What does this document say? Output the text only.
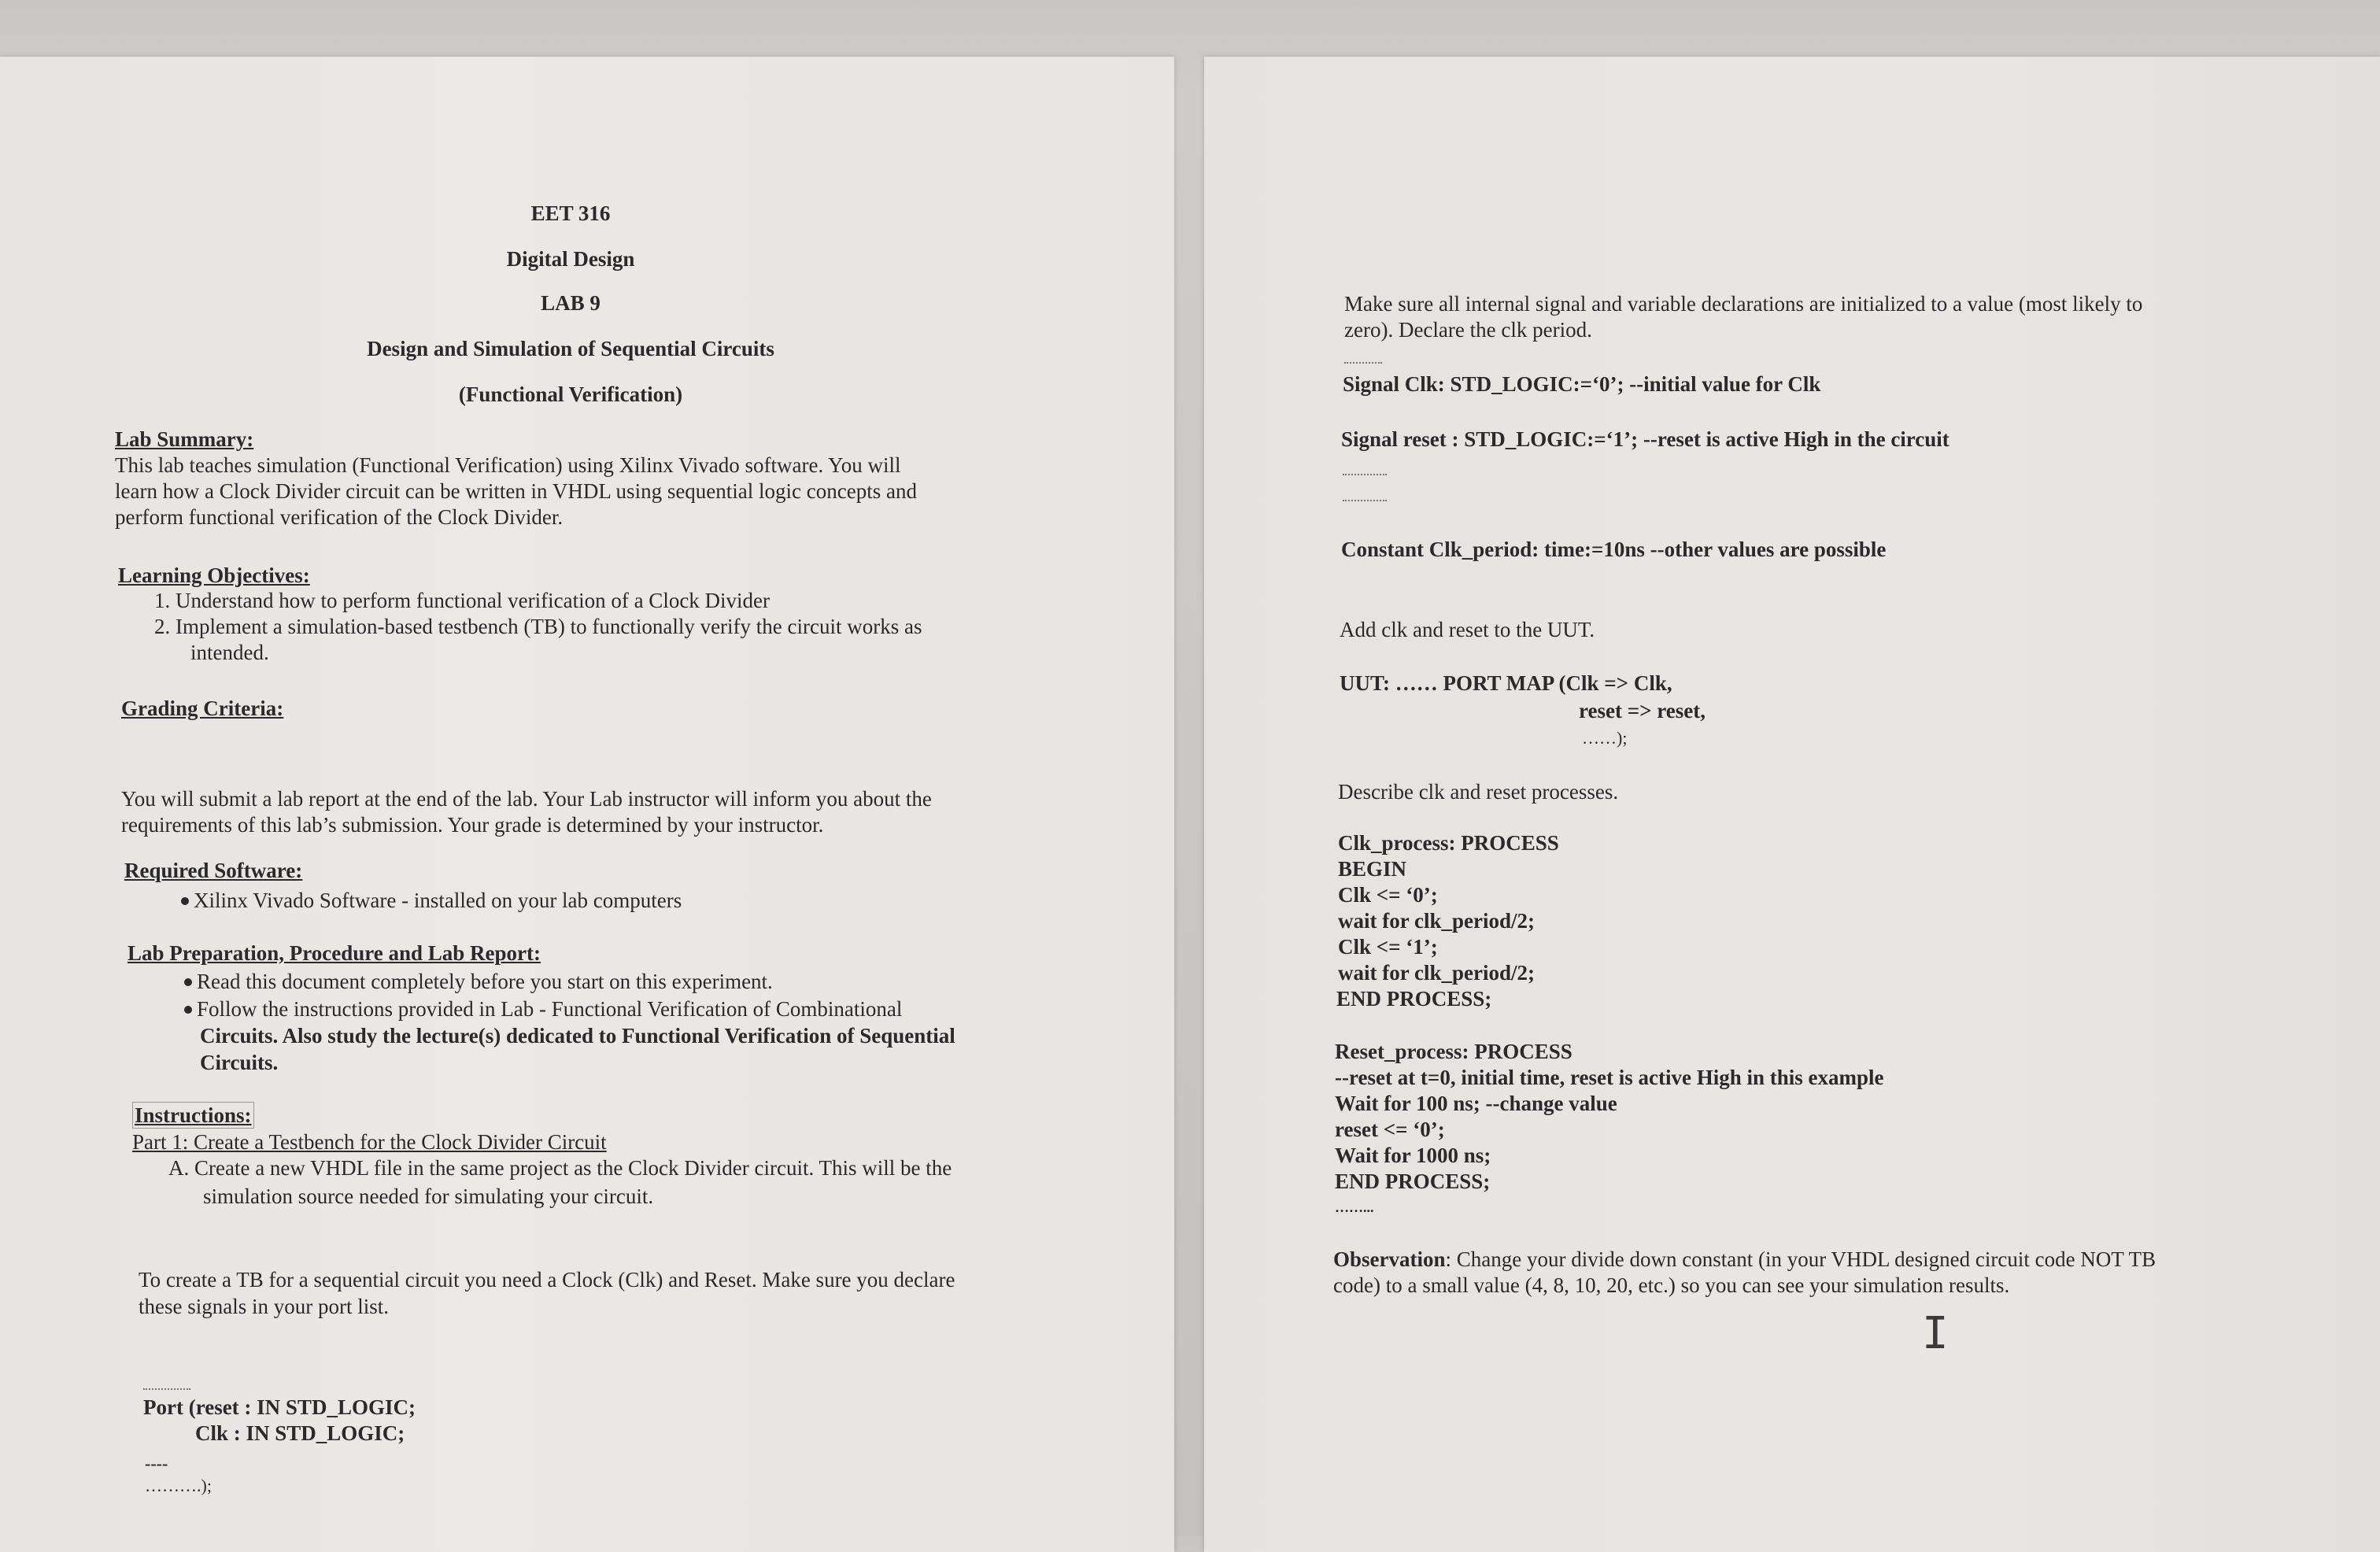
EET 316
Digital Design
LAB 9
Design and Simulation of Sequential Circuits
(Functional Verification)
Lab Summary:
This lab teaches simulation (Functional Verification) using Xilinx Vivado software. You will
learn how a Clock Divider circuit can be written in VHDL using sequential logic concepts and
perform functional verification of the Clock Divider.
Learning Objectives:
1. Understand how to perform functional verification of a Clock Divider
2. Implement a simulation-based testbench (TB) to functionally verify the circuit works as
intended.
Grading Criteria:
You will submit a lab report at the end of the lab. Your Lab instructor will inform you about the
requirements of this lab’s submission. Your grade is determined by your instructor.
Required Software:
Xilinx Vivado Software - installed on your lab computers
Lab Preparation, Procedure and Lab Report:
Read this document completely before you start on this experiment.
Follow the instructions provided in Lab - Functional Verification of Combinational
Circuits. Also study the lecture(s) dedicated to Functional Verification of Sequential
Circuits.
Instructions:
Part 1: Create a Testbench for the Clock Divider Circuit
A. Create a new VHDL file in the same project as the Clock Divider circuit. This will be the
simulation source needed for simulating your circuit.
To create a TB for a sequential circuit you need a Clock (Clk) and Reset. Make sure you declare
these signals in your port list.
Port (reset : IN STD_LOGIC;
Clk : IN STD_LOGIC;
----
……….);
Make sure all internal signal and variable declarations are initialized to a value (most likely to
zero). Declare the clk period.
Signal Clk: STD_LOGIC:=‘0’; --initial value for Clk
Signal reset : STD_LOGIC:=‘1’; --reset is active High in the circuit
Constant Clk_period: time:=10ns --other values are possible
Add clk and reset to the UUT.
UUT: …… PORT MAP (Clk => Clk,
reset => reset,
……);
Describe clk and reset processes.
Clk_process: PROCESS
BEGIN
Clk <= ‘0’;
wait for clk_period/2;
Clk <= ‘1’;
wait for clk_period/2;
END PROCESS;
Reset_process: PROCESS
--reset at t=0, initial time, reset is active High in this example
Wait for 100 ns; --change value
reset <= ‘0’;
Wait for 1000 ns;
END PROCESS;
……...
Observation: Change your divide down constant (in your VHDL designed circuit code NOT TB
code) to a small value (4, 8, 10, 20, etc.) so you can see your simulation results.
I
